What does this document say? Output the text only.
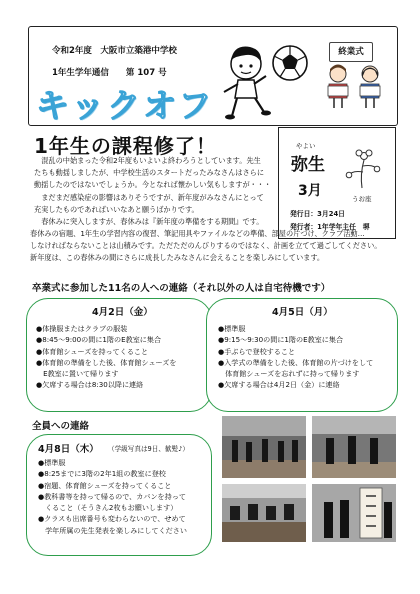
令和2年度　大阪市立築港中学校
1年生学年通信　　第 107 号
キックオフ
終業式
1年生の課程修了！	やよい
弥生
3月	うお座
発行日：3月24日
発行者：1年学年主任　堺
　混乱の中始まった令和2年度もいよいよ終わろうとしています。先生
たちも動揺しましたが、中学校生活のスタートだったみなさんはさらに
動揺したのではないでしょうか。今となれば懐かしい気もしますが・・・
　まだまだ感染症の影響はありそうですが、新年度がみなさんにとって
充実したものであればいいなあと願うばかりです。
　春休みに突入しますが、春休みは『新年度の準備をする期間』です。
春休みの宿題、1年生の学習内容の復習、筆記用具やファイルなどの準備、部屋の片づけ、クラブ活動…
しなければならないことは山積みです。ただただのんびりするのではなく、計画を立てて過ごしてください。
新年度は、この春休みの間にさらに成長したみなさんに会えることを楽しみにしています。
卒業式に参加した11名の人への連絡（それ以外の人は自宅待機です）
4月2日（金）
●体操服またはクラブの服装
●8:45～9:00の間に1階のE教室に集合
●体育館シューズを持ってくること
●体育館の準備をした後、体育館シューズを
　E教室に置いて帰ります
●欠席する場合は8:30以降に連絡
4月5日（月）
●標準服
●9:15～9:30の間に1階のE教室に集合
●手ぶらで登校すること
●入学式の準備をした後、体育館の片づけをして
　体育館シューズを忘れずに持って帰ります
●欠席する場合は4月2日（金）に連絡
全員への連絡
4月8日（木） （学級写真は9日、歓髪♪）
●標準服
●8:25までに3階の2年1組の教室に登校
●宿題、体育館シューズを持ってくること
●教科書等を持って帰るので、カバンを持って
　くること（そうきん2枚もお願いします）
●クラスも出席番号も変わらないので、せめて
　学年所属の先生発表を楽しみにしてください
